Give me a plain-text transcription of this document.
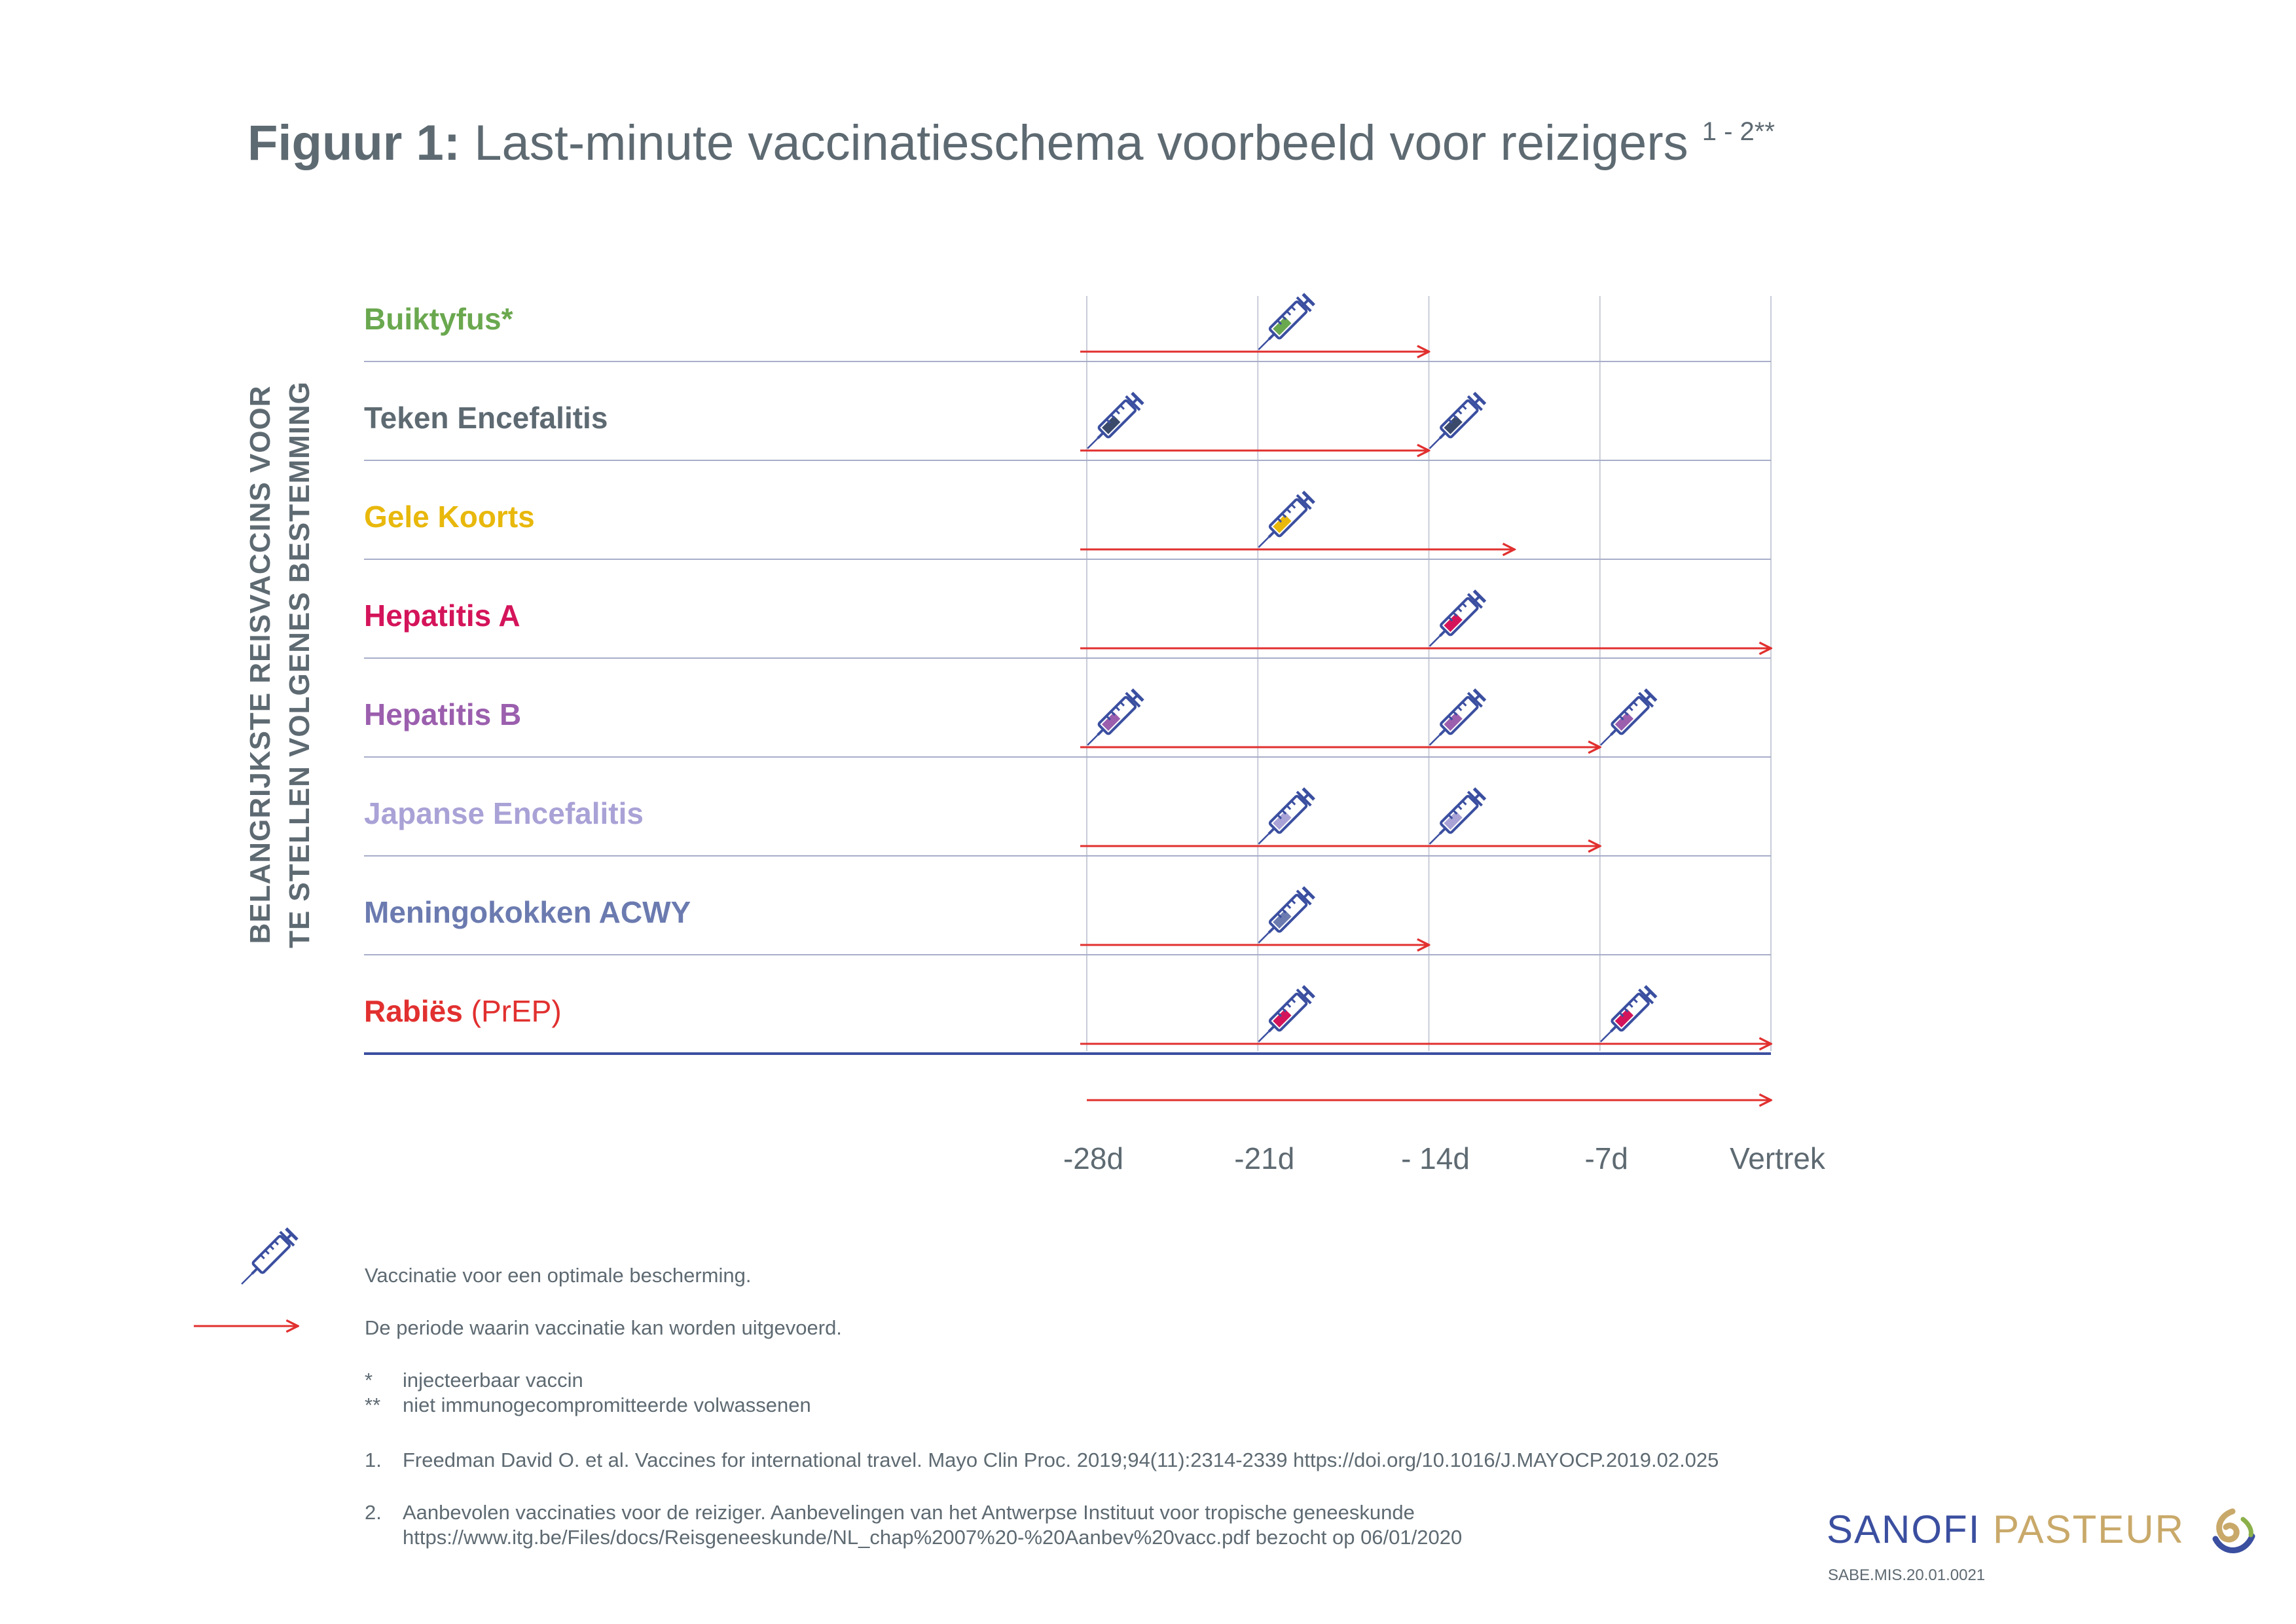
Figuur 1: Last-minute vaccinatieschema voorbeeld voor reizigers $^{1 - 2**}$
BELANGRIJKSTE REISVACCINS VOOR TE STELLEN VOLGENES BESTEMMING
Buiktyfus*
Teken Encefalitis
Gele Koorts
Hepatitis A
Hepatitis B
Japanse Encefalitis
Meningokokken ACWY
Rabiës (PrEP)
-28d	-21d	- 14d	-7d	Vertrek
Vaccinatie voor een optimale bescherming.
De periode waarin vaccinatie kan worden uitgevoerd.
* injecteerbaar vaccin
** niet immunogecompromitteerde volwassenen
1. Freedman David O. et al. Vaccines for international travel. Mayo Clin Proc. 2019;94(11):2314-2339 https://doi.org/10.1016/J.MAYOCP.2019.02.025
2. Aanbevolen vaccinaties voor de reiziger. Aanbevelingen van het Antwerpse Instituut voor tropische geneeskunde
https://www.itg.be/Files/docs/Reisgeneeskunde/NL_chap%2007%20-%20Aanbev%20vacc.pdf bezocht op 06/01/2020	SANOFI PASTEUR
SABE.MIS.20.01.0021
